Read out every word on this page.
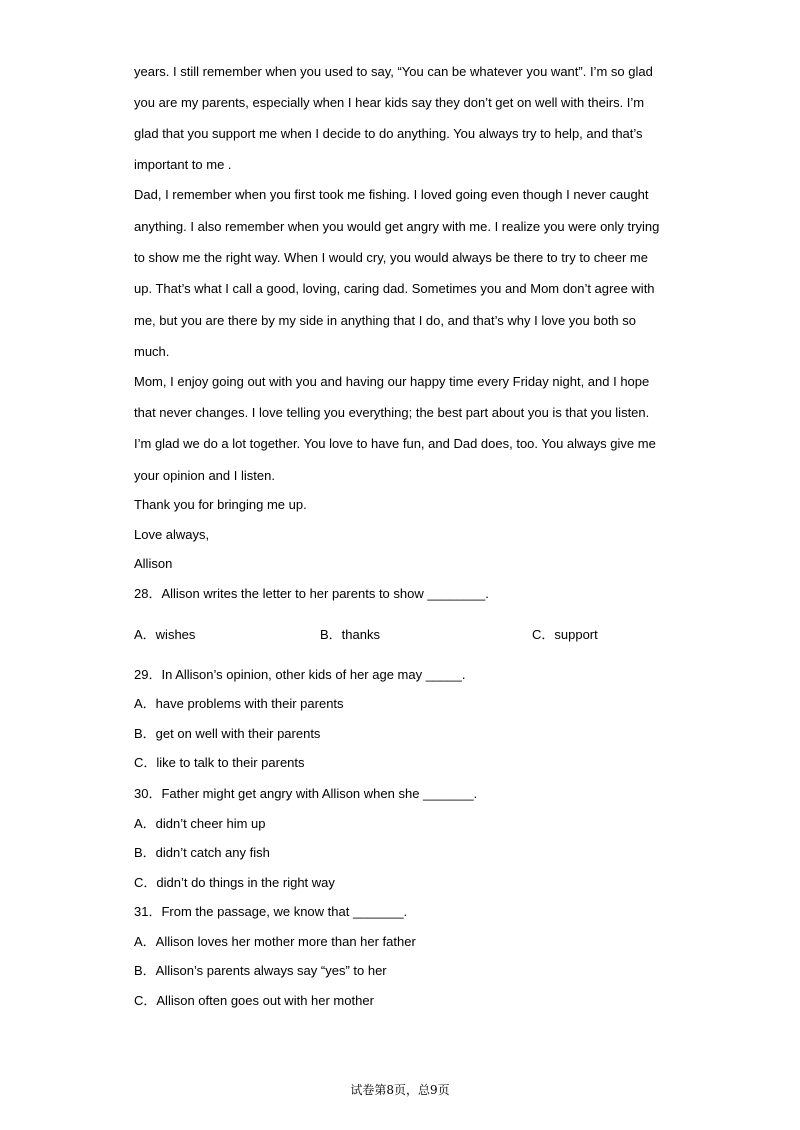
years. I still remember when you used to say, “You can be whatever you want”. I’m so glad
you are my parents, especially when I hear kids say they don’t get on well with theirs. I’m
glad that you support me when I decide to do anything. You always try to help, and that’s
important to me .
Dad, I remember when you first took me fishing. I loved going even though I never caught
anything. I also remember when you would get angry with me. I realize you were only trying
to show me the right way. When I would cry, you would always be there to try to cheer me
up. That’s what I call a good, loving, caring dad. Sometimes you and Mom don’t agree with
me, but you are there by my side in anything that I do, and that’s why I love you both so
much.
Mom, I enjoy going out with you and having our happy time every Friday night, and I hope
that never changes. I love telling you everything; the best part about you is that you listen.
I’m glad we do a lot together. You love to have fun, and Dad does, too. You always give me
your opinion and I listen.
Thank you for bringing me up.
Love always,
Allison
28．Allison writes the letter to her parents to show ________.
A．wishes	B．thanks	C．support
29．In Allison’s opinion, other kids of her age may _____.
A．have problems with their parents
B．get on well with their parents
C．like to talk to their parents
30．Father might get angry with Allison when she _______.
A．didn’t cheer him up
B．didn’t catch any fish
C．didn’t do things in the right way
31．From the passage, we know that _______.
A．Allison loves her mother more than her father
B．Allison’s parents always say “yes” to her
C．Allison often goes out with her mother
试卷第8页，总9页
